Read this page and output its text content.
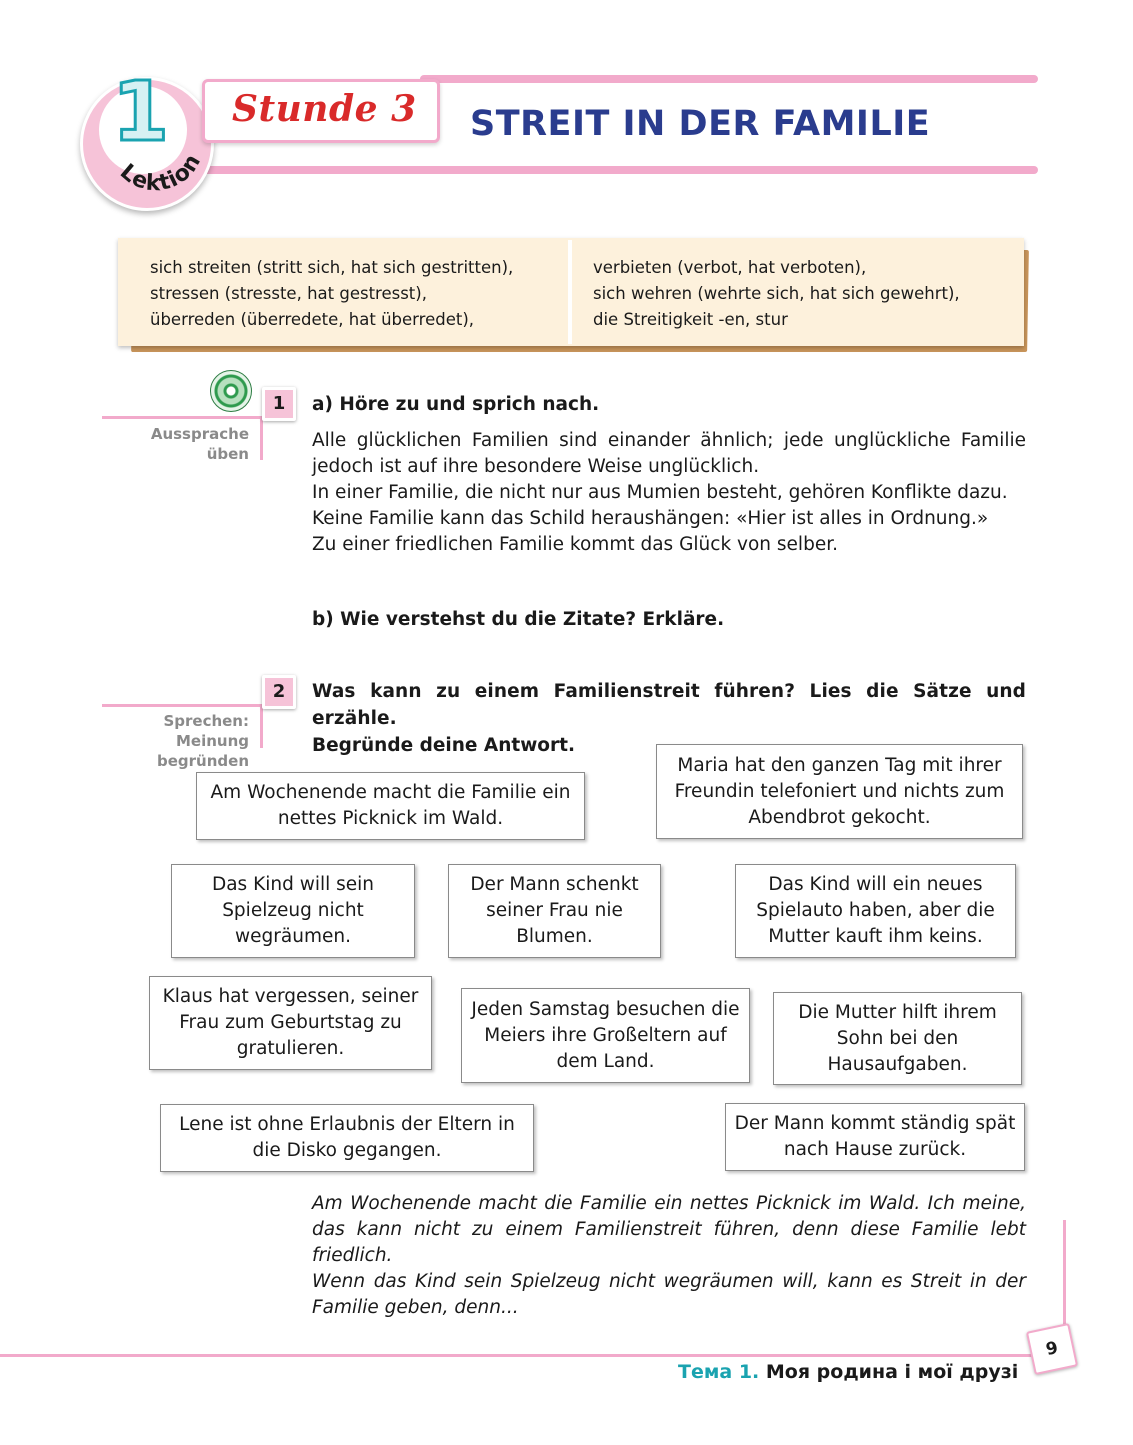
1
Lektion
Stunde 3 STREIT IN DER FAMILIE
sich streiten (stritt sich, hat sich gestritten),
stressen (stresste, hat gestresst),
überreden (überredete, hat überredet),
verbieten (verbot, hat verboten),
sich wehren (wehrte sich, hat sich gewehrt),
die Streitigkeit -en, stur
1
Aussprache
üben
a) Höre zu und sprich nach.

Alle glücklichen Familien sind einander ähnlich; jede unglückliche Familie jedoch ist auf ihre besondere Weise unglücklich.

In einer Familie, die nicht nur aus Mumien besteht, gehören Konflikte dazu.

Keine Familie kann das Schild heraushängen: «Hier ist alles in Ordnung.»

Zu einer friedlichen Familie kommt das Glück von selber.

b) Wie verstehst du die Zitate? Erkläre.
2
Sprechen: Meinung
begründen
Was kann zu einem Familienstreit führen? Lies die Sätze und erzähle.
Begründe deine Antwort.
Am Wochenende macht die Familie ein nettes Picknick im Wald.
Maria hat den ganzen Tag mit ihrer Freundin telefoniert und nichts zum Abendbrot gekocht.
Das Kind will sein Spielzeug nicht wegräumen.
Der Mann schenkt seiner Frau nie Blumen.
Das Kind will ein neues Spielauto haben, aber die Mutter kauft ihm keins.
Klaus hat vergessen, seiner Frau zum Geburtstag zu gratulieren.
Jeden Samstag besuchen die Meiers ihre Großeltern auf dem Land.
Die Mutter hilft ihrem Sohn bei den Hausaufgaben.
Lene ist ohne Erlaubnis der Eltern in die Disko gegangen.
Der Mann kommt ständig spät nach Hause zurück.

Am Wochenende macht die Familie ein nettes Picknick im Wald. Ich meine, das kann nicht zu einem Familienstreit führen, denn diese Familie lebt friedlich.

Wenn das Kind sein Spielzeug nicht wegräumen will, kann es Streit in der Familie geben, denn...

9
Тема 1. Моя родина і мої друзі
